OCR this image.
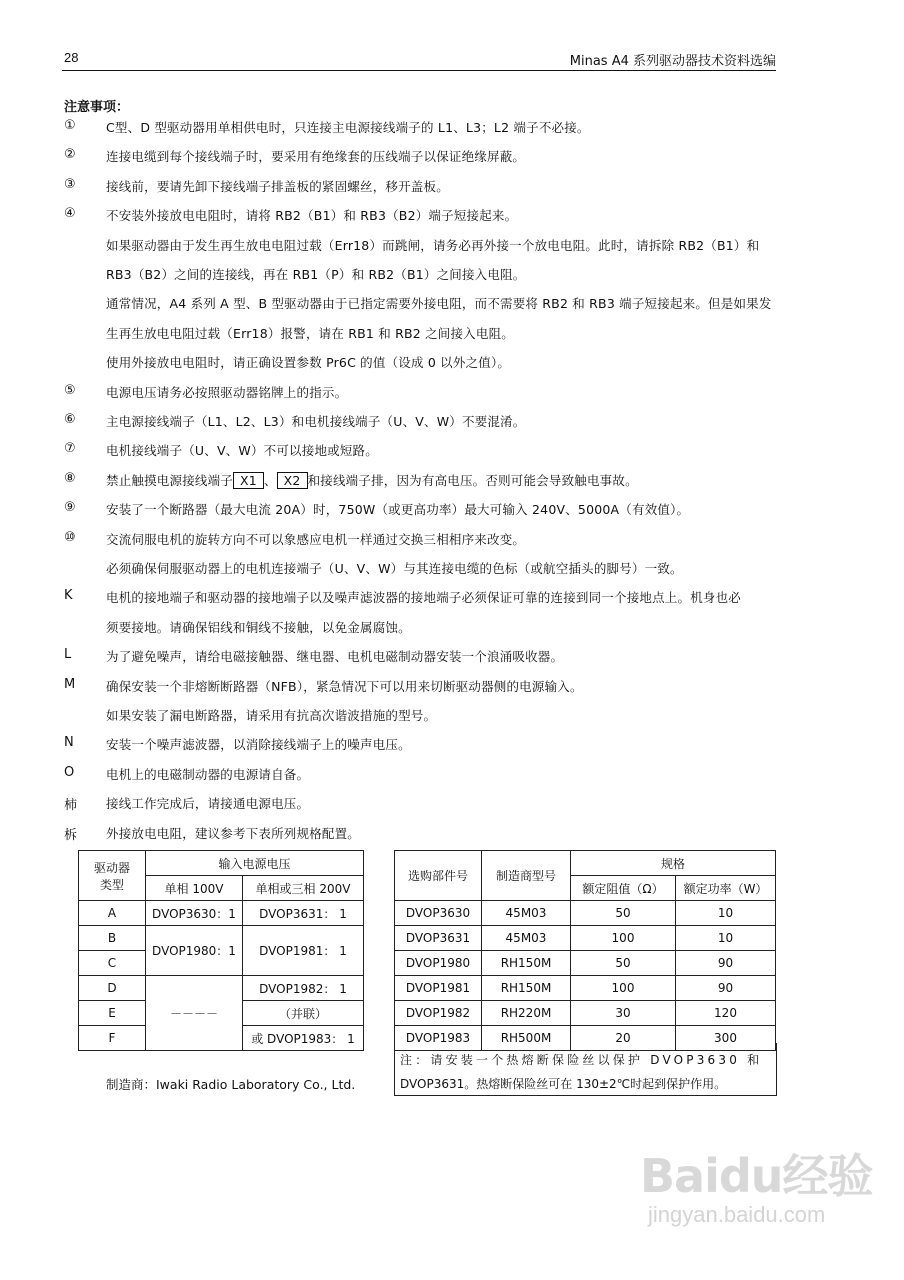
28	Minas A4 系列驱动器技术资料选编
注意事项：
① C型、D 型驱动器用单相供电时，只连接主电源接线端子的 L1、L3；L2 端子不必接。
② 连接电缆到每个接线端子时，要采用有绝缘套的压线端子以保证绝缘屏蔽。
③ 接线前，要请先卸下接线端子排盖板的紧固螺丝，移开盖板。
④ 不安装外接放电电阻时，请将 RB2（B1）和 RB3（B2）端子短接起来。
如果驱动器由于发生再生放电电阻过载（Err18）而跳闸，请务必再外接一个放电电阻。此时，请拆除 RB2（B1）和
RB3（B2）之间的连接线，再在 RB1（P）和 RB2（B1）之间接入电阻。
通常情况，A4 系列 A 型、B 型驱动器由于已指定需要外接电阻，而不需要将 RB2 和 RB3 端子短接起来。但是如果发
生再生放电电阻过载（Err18）报警，请在 RB1 和 RB2 之间接入电阻。
使用外接放电电阻时，请正确设置参数 Pr6C 的值（设成 0 以外之值）。
⑤ 电源电压请务必按照驱动器铭牌上的指示。
⑥ 主电源接线端子（L1、L2、L3）和电机接线端子（U、V、W）不要混淆。
⑦ 电机接线端子（U、V、W）不可以接地或短路。
⑧ 禁止触摸电源接线端子 X1 、 X2 和接线端子排，因为有高电压。否则可能会导致触电事故。
⑨ 安装了一个断路器（最大电流 20A）时，750W（或更高功率）最大可输入 240V、5000A（有效值）。
⑩ 交流伺服电机的旋转方向不可以象感应电机一样通过交换三相相序来改变。
必须确保伺服驱动器上的电机连接端子（U、V、W）与其连接电缆的色标（或航空插头的脚号）一致。
K	电机的接地端子和驱动器的接地端子以及噪声滤波器的接地端子必须保证可靠的连接到同一个接地点上。机身也必
须要接地。请确保铝线和铜线不接触，以免金属腐蚀。
L	为了避免噪声，请给电磁接触器、继电器、电机电磁制动器安装一个浪涌吸收器。
M 确保安装一个非熔断断路器（NFB），紧急情况下可以用来切断驱动器侧的电源输入。
如果安装了漏电断路器，请采用有抗高次谐波措施的型号。
N	安装一个噪声滤波器，以消除接线端子上的噪声电压。
O	电机上的电磁制动器的电源请自备。
柿 接线工作完成后，请接通电源电压。
柝 外接放电电阻，建议参考下表所列规格配置。
驱动器
类型	输入电源电压	
	单相 100V	单相或三相 200V
A	DVOP3630：1	DVOP3631： 1
B	DVOP1980：1	DVOP1981： 1
C		
D	－－－－	DVOP1982： 1
E		（并联）
F		或 DVOP1983： 1
选购部件号	制造商型号	规格	
		额定阻值（Ω）	额定功率（W）
DVOP3630	45M03	50	10
DVOP3631	45M03	100	10
DVOP1980	RH150M	50	90
DVOP1981	RH150M	100	90
DVOP1982	RH220M	30	120
DVOP1983	RH500M	20	300
注：请安装一个热熔断保险丝以保护 DVOP3630 和
DVOP3631。热熔断保险丝可在 130±2℃时起到保护作用。
制造商：Iwaki Radio Laboratory Co., Ltd.
Baidu经验
jingyan.baidu.com
